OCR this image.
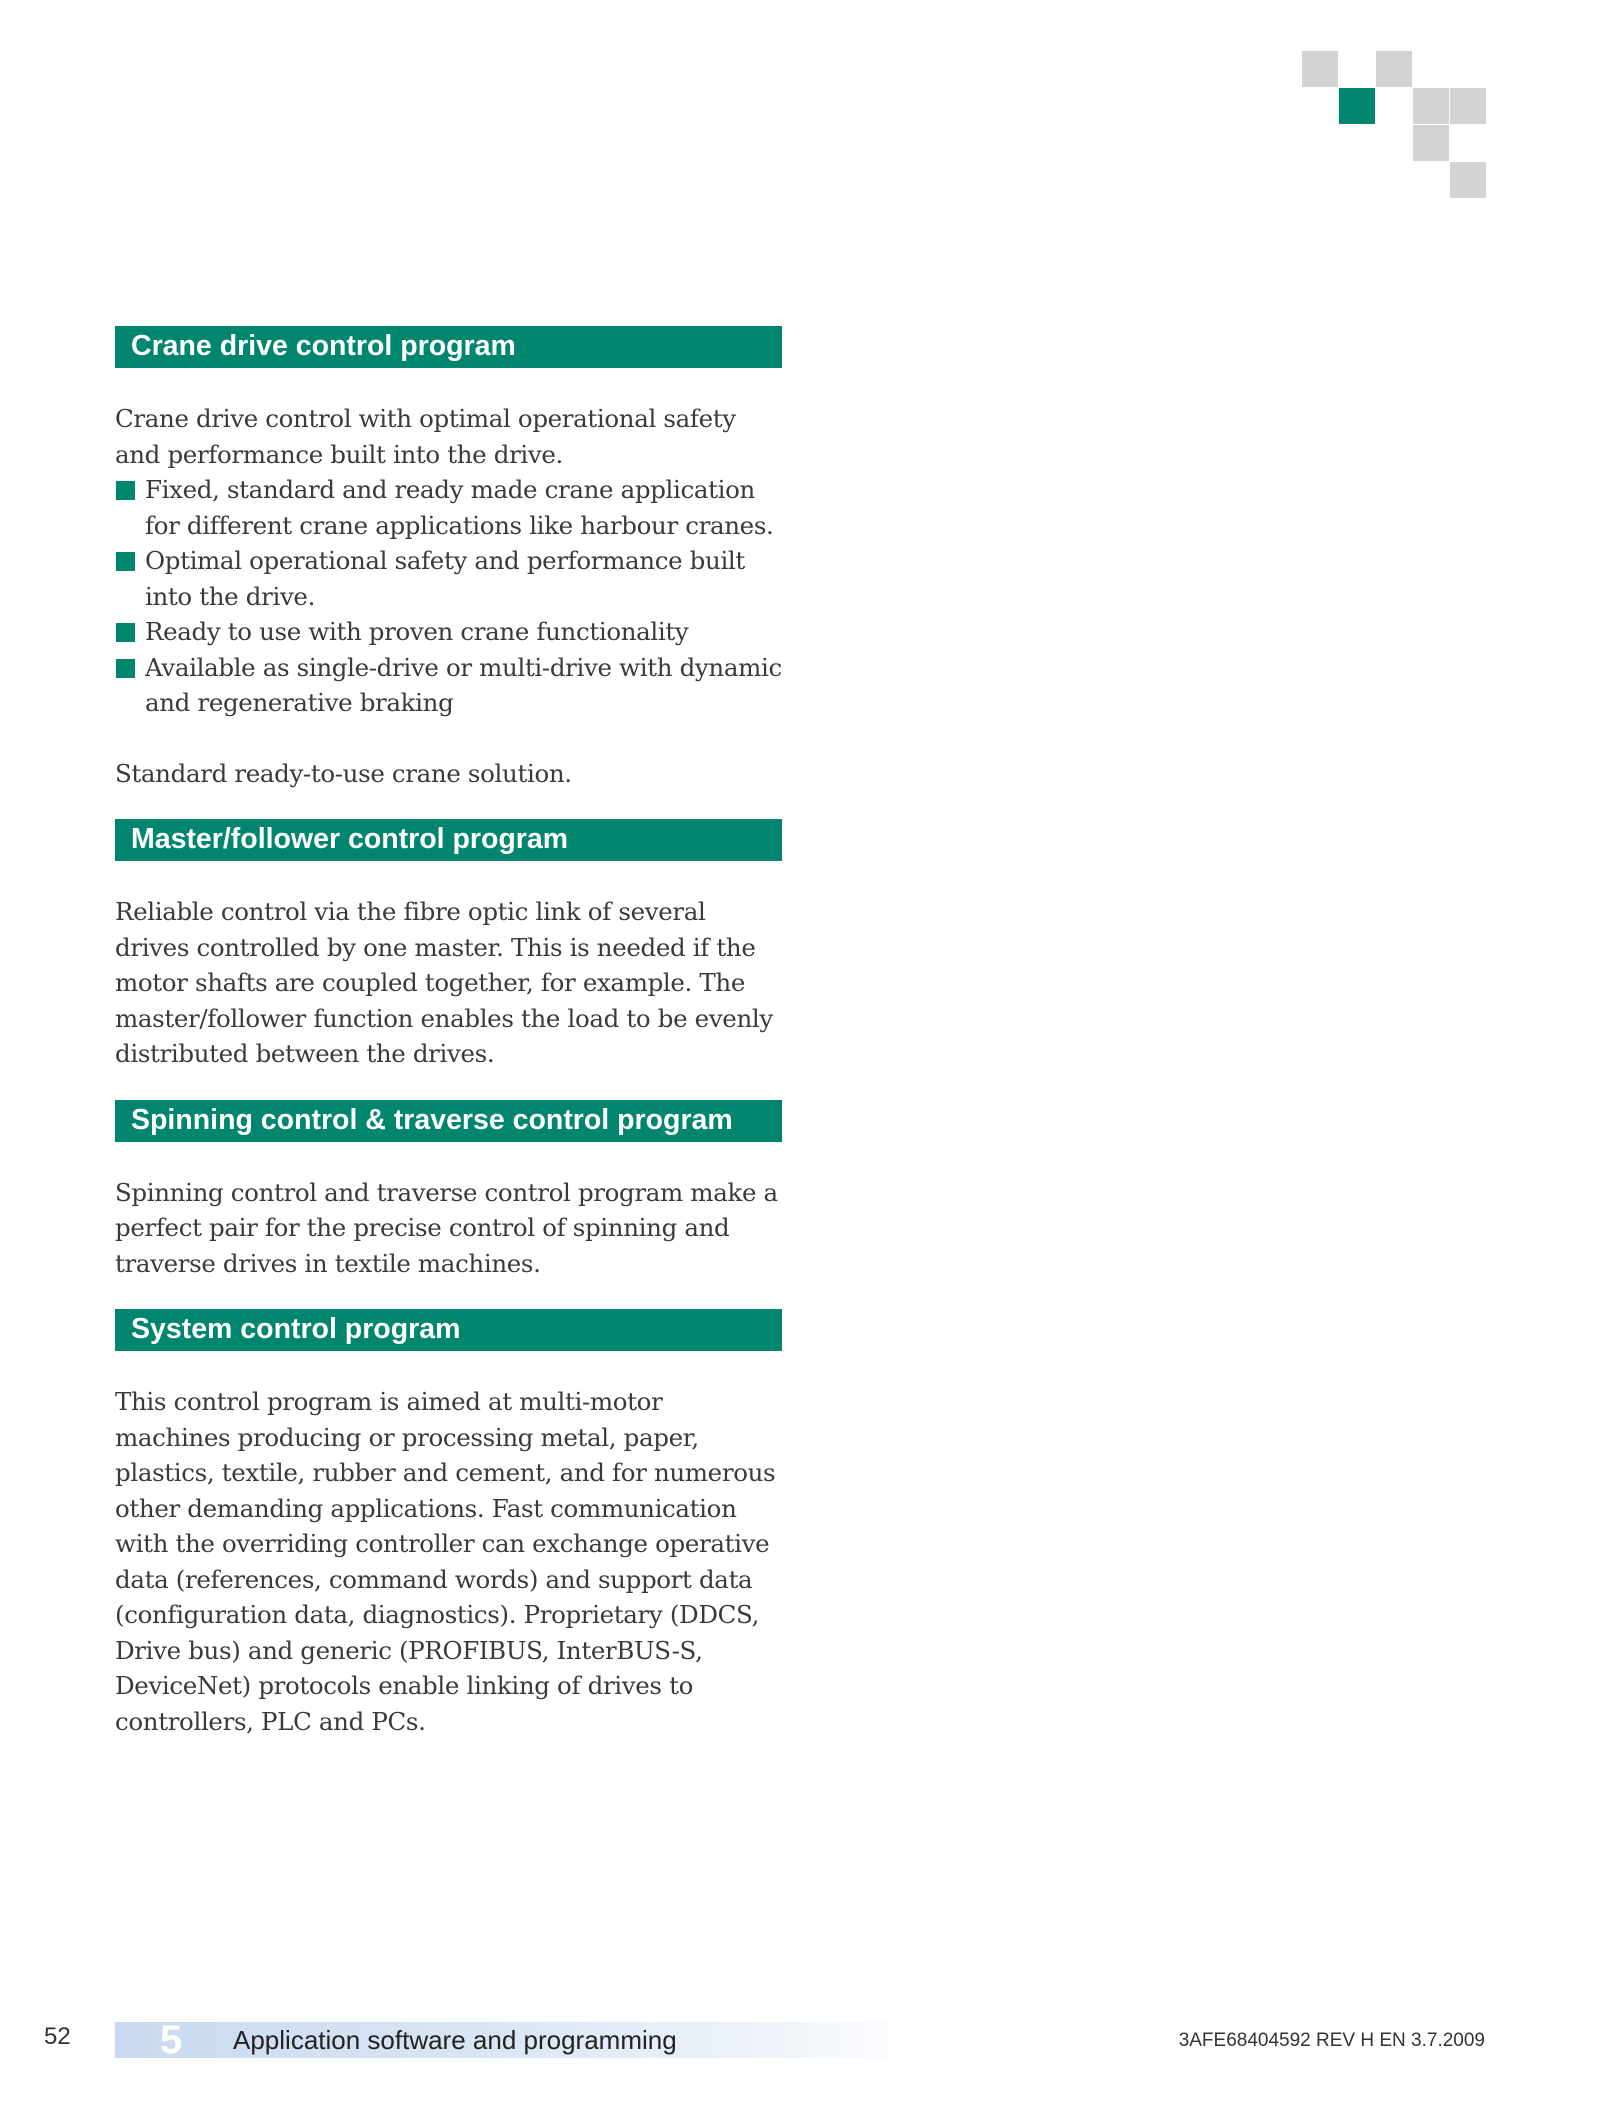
Crane drive control program

Crane drive control with optimal operational safety and performance built into the drive.

Fixed, standard and ready made crane application for different crane applications like harbour cranes.
Optimal operational safety and performance built into the drive.
Ready to use with proven crane functionality
Available as single-drive or multi-drive with dynamic and regenerative braking

Standard ready-to-use crane solution.

Master/follower control program

Reliable control via the fibre optic link of several drives controlled by one master. This is needed if the motor shafts are coupled together, for example. The master/follower function enables the load to be evenly distributed between the drives.

Spinning control & traverse control program

Spinning control and traverse control program make a perfect pair for the precise control of spinning and traverse drives in textile machines.

System control program

This control program is aimed at multi-motor machines producing or processing metal, paper, plastics, textile, rubber and cement, and for numerous other demanding applications. Fast communication with the overriding controller can exchange operative data (references, command words) and support data (configuration data, diagnostics). Proprietary (DDCS, Drive bus) and generic (PROFIBUS, InterBUS-S, DeviceNet) protocols enable linking of drives to controllers, PLC and PCs.

52 5 Application software and programming	3AFE68404592 REV H EN 3.7.2009
